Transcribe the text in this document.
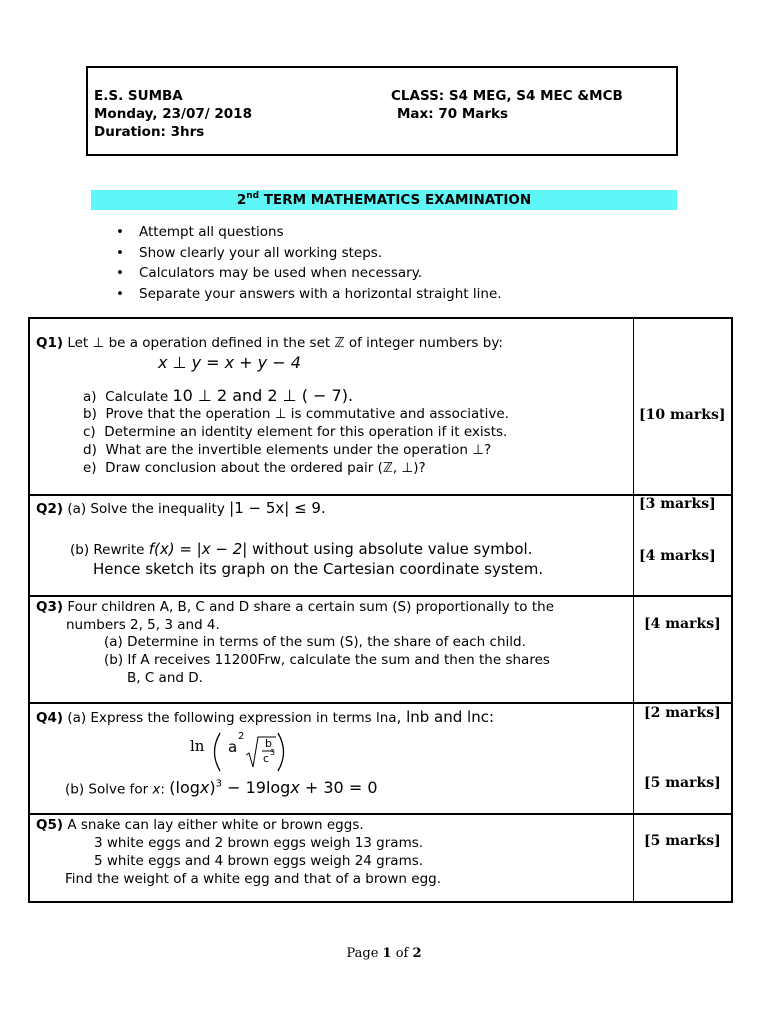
E.S. SUMBA
Monday, 23/07/ 2018
Duration: 3hrs
CLASS: S4 MEG, S4 MEC &MCB
Max: 70 Marks
2nd TERM MATHEMATICS EXAMINATION
• Attempt all questions
• Show clearly your all working steps.
• Calculators may be used when necessary.
• Separate your answers with a horizontal straight line.
Q1) Let ⊥ be a operation defined in the set ℤ of integer numbers by:
x ⊥ y = x + y − 4
a) Calculate 10 ⊥ 2 and 2 ⊥ ( − 7).
b) Prove that the operation ⊥ is commutative and associative.
c) Determine an identity element for this operation if it exists.
d) What are the invertible elements under the operation ⊥?
e) Draw conclusion about the ordered pair (ℤ, ⊥)?
[10 marks]
Q2) (a) Solve the inequality |1 − 5x| ≤ 9.	[3 marks]
(b) Rewrite f(x) = |x − 2| without using absolute value symbol.
Hence sketch its graph on the Cartesian coordinate system.
[4 marks]
Q3) Four children A, B, C and D share a certain sum (S) proportionally to the
numbers 2, 5, 3 and 4.
(a) Determine in terms of the sum (S), the share of each child.
(b) If A receives 11200Frw, calculate the sum and then the shares
B, C and D.
[4 marks]
Q4) (a) Express the following expression in terms lna, lnb and lnc:	[2 marks]
ln a
2
b
c 3
(b) Solve for x: $(\log x)^3 - 19\log x + 30 = 0$	[5 marks]
Q5) A snake can lay either white or brown eggs.
3 white eggs and 2 brown eggs weigh 13 grams.
5 white eggs and 4 brown eggs weigh 24 grams.
Find the weight of a white egg and that of a brown egg.
[5 marks]
Page 1 of 2
